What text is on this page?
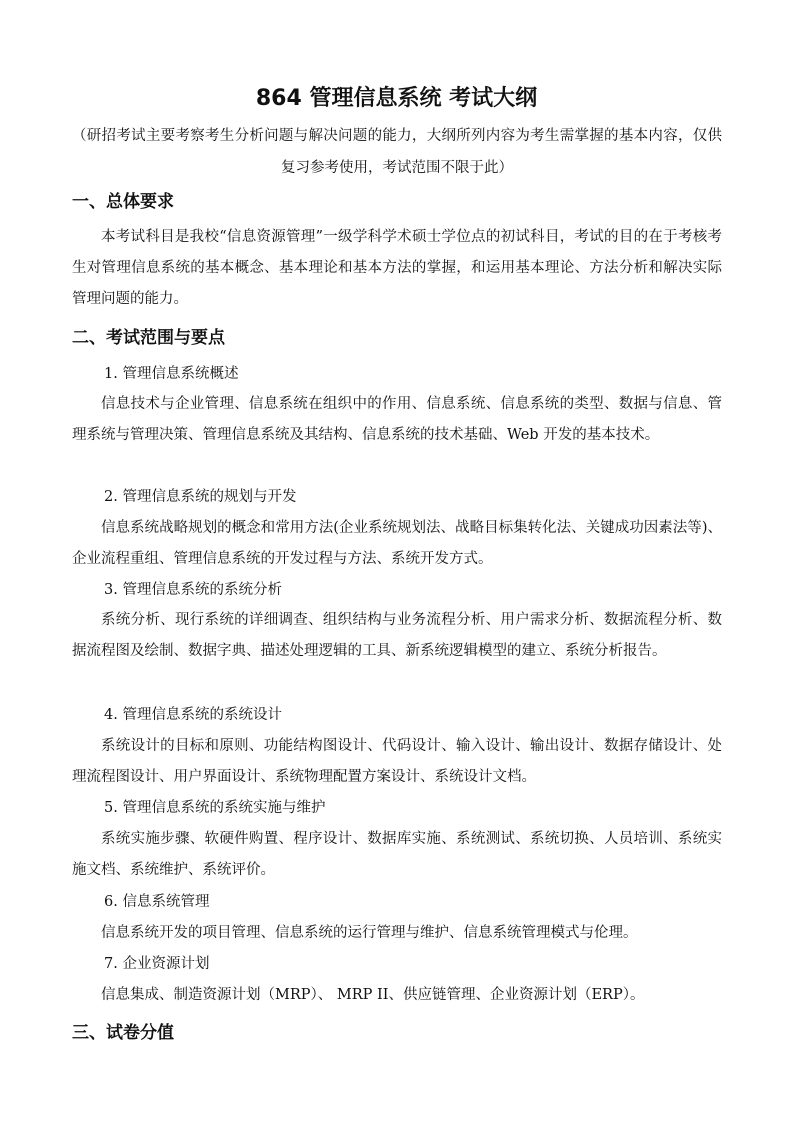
864 管理信息系统 考试大纲

（研招考试主要考察考生分析问题与解决问题的能力，大纲所列内容为考生需掌握的基本内容，仅供复习参考使用，考试范围不限于此）

一、总体要求

本考试科目是我校“信息资源管理”一级学科学术硕士学位点的初试科目，考试的目的在于考核考生对管理信息系统的基本概念、基本理论和基本方法的掌握，和运用基本理论、方法分析和解决实际管理问题的能力。

二、考试范围与要点

1. 管理信息系统概述

信息技术与企业管理、信息系统在组织中的作用、信息系统、信息系统的类型、数据与信息、管理系统与管理决策、管理信息系统及其结构、信息系统的技术基础、Web 开发的基本技术。

2. 管理信息系统的规划与开发

信息系统战略规划的概念和常用方法(企业系统规划法、战略目标集转化法、关键成功因素法等)、企业流程重组、管理信息系统的开发过程与方法、系统开发方式。

3. 管理信息系统的系统分析

系统分析、现行系统的详细调查、组织结构与业务流程分析、用户需求分析、数据流程分析、数据流程图及绘制、数据字典、描述处理逻辑的工具、新系统逻辑模型的建立、系统分析报告。

4. 管理信息系统的系统设计

系统设计的目标和原则、功能结构图设计、代码设计、输入设计、输出设计、数据存储设计、处理流程图设计、用户界面设计、系统物理配置方案设计、系统设计文档。

5. 管理信息系统的系统实施与维护

系统实施步骤、软硬件购置、程序设计、数据库实施、系统测试、系统切换、人员培训、系统实施文档、系统维护、系统评价。

6. 信息系统管理

信息系统开发的项目管理、信息系统的运行管理与维护、信息系统管理模式与伦理。

7. 企业资源计划

信息集成、制造资源计划（MRP）、 MRP II、供应链管理、企业资源计划（ERP）。

三、试卷分值
